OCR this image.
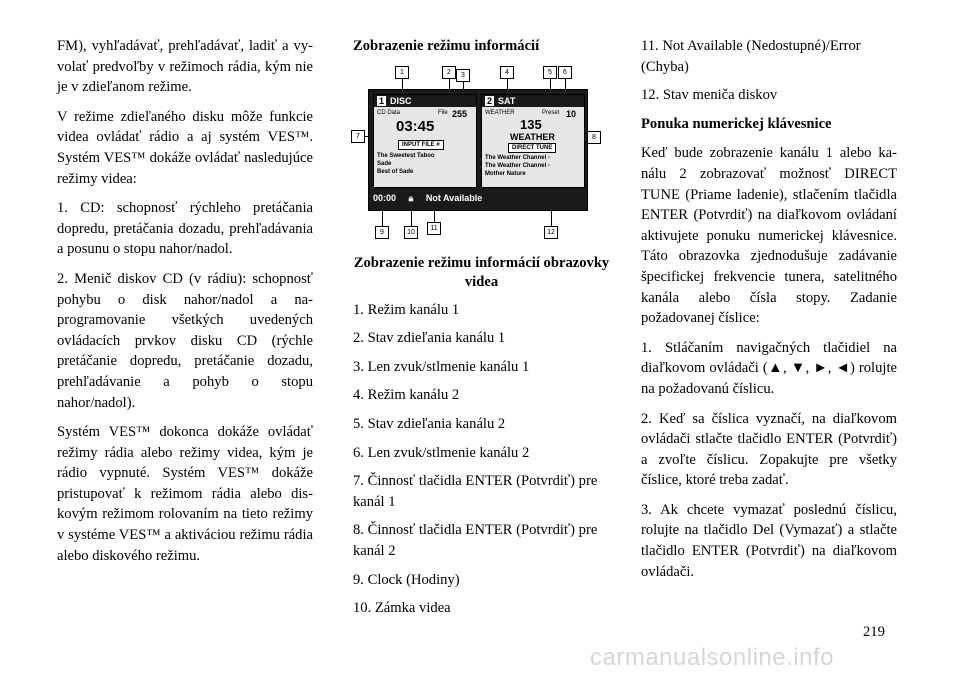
FM), vyhľadávať, prehľadávať, ladiť a vyvolať predvoľby v režimoch rádia, kým nie je v zdieľanom režime.

V režime zdieľaného disku môže funkcie videa ovládať rádio a aj systém VES™. Systém VES™ dokáže ovládať nasledujúce režimy videa:

1. CD: schopnosť rýchleho pretáčania dopredu, pretáčania dozadu, prehľadávania a posunu o stopu nahor/nadol.

2. Menič diskov CD (v rádiu): schopnosť pohybu o disk nahor/nadol a naprogramovanie všetkých uvedených ovládacích prvkov disku CD (rýchle pretáčanie dopredu, pretáčanie dozadu, prehľadávanie a pohyb o stopu nahor/nadol).

Systém VES™ dokonca dokáže ovládať režimy rádia alebo režimy videa, kým je rádio vypnuté. Systém VES™ dokáže pristupovať k režimom rádia alebo diskovým režimom rolovaním na tieto režimy v systéme VES™ a aktiváciou režimu rádia alebo diskového režimu.

Zobrazenie režimu informácií
1	2	3	4	5	6
7	8
9	10
11
12
1 DISC
CD Data	File 255
03:45
INPUT FILE #
The Sweetest Taboo
Sade
Best of Sade
2 SAT
WEATHER	Preset 10
135
WEATHER
DIRECT TUNE
The Weather Channel -
The Weather Channel -
Mother Nature
00:00 🔒︎ Not Available
Zobrazenie režimu informácií obrazovky videa

1. Režim kanálu 1

2. Stav zdieľania kanálu 1

3. Len zvuk/stlmenie kanálu 1

4. Režim kanálu 2

5. Stav zdieľania kanálu 2

6. Len zvuk/stlmenie kanálu 2

7. Činnosť tlačidla ENTER (Potvrdiť) pre kanál 1

8. Činnosť tlačidla ENTER (Potvrdiť) pre kanál 2

9. Clock (Hodiny)

10. Zámka videa

11. Not Available (Nedostupné)/Error (Chyba)

12. Stav meniča diskov

Ponuka numerickej klávesnice

Keď bude zobrazenie kanálu 1 alebo kanálu 2 zobrazovať možnosť DIRECT TUNE (Priame ladenie), stlačením tlačidla ENTER (Potvrdiť) na diaľkovom ovládaní aktivujete ponuku numerickej klávesnice. Táto obrazovka zjednodušuje zadávanie špecifickej frekvencie tunera, satelitného kanála alebo čísla stopy. Zadanie požadovanej číslice:

1. Stláčaním navigačných tlačidiel na diaľkovom ovládači (▲, ▼, ►, ◄) rolujte na požadovanú číslicu.

2. Keď sa číslica vyznačí, na diaľkovom ovládači stlačte tlačidlo ENTER (Potvrdiť) a zvoľte číslicu. Zopakujte pre všetky číslice, ktoré treba zadať.

3. Ak chcete vymazať poslednú číslicu, rolujte na tlačidlo Del (Vymazať) a stlačte tlačidlo ENTER (Potvrdiť) na diaľkovom ovládači.

219
carmanualsonline.info
